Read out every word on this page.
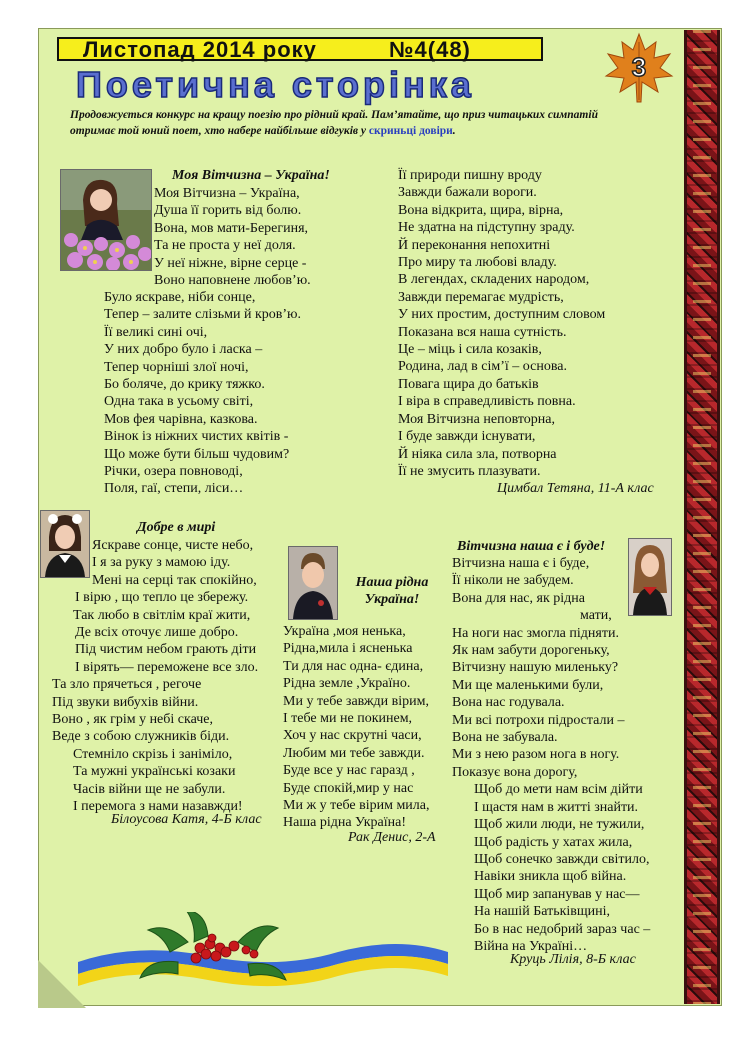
Листопад 2014 року	№4(48)
3
Поетична сторінка
Продовжується конкурс на кращу поезію про рідний край. Пам’ятайте, що приз читацьких симпатій отримає той юний поет, хто набере найбільше відгуків у скриньці довіри.
Моя Вітчизна – Україна!
Моя Вітчизна – Україна,
Душа її горить від болю.
Вона, мов мати-Берегиня,
Та не проста у неї доля.
У неї ніжне, вірне серце -
Воно наповнене любов’ю.
Було яскраве, ніби сонце,
Тепер – залите слізьми й кров’ю.
Її великі сині очі,
У них добро було і ласка –
Тепер чорніші злої ночі,
Бо боляче, до крику тяжко.
Одна така в усьому світі,
Мов фея чарівна, казкова.
Вінок із ніжних чистих квітів -
Що може бути більш чудовим?
Річки, озера повноводі,
Поля, гаї, степи, ліси…
Її природи пишну вроду
Завжди бажали вороги.
Вона відкрита, щира, вірна,
Не здатна на підступну зраду.
Й переконання непохитні
Про миру та любові владу.
В легендах, складених народом,
Завжди перемагає мудрість,
У них простим, доступним словом
Показана вся наша сутність.
Це – міць і сила козаків,
Родина, лад в сім’ї – основа.
Повага щира до батьків
І віра в справедливість повна.
Моя Вітчизна неповторна,
І буде завжди існувати,
Й ніяка сила зла, потворна
Її не змусить плазувати.
Цимбал Тетяна, 11-А клас
Добре в мирі
Яскраве сонце, чисте небо,
І я за руку з мамою іду.
Мені на серці так спокійно,
І вірю , що тепло це збережу.
Так любо в світлім краї жити,
Де всіх оточує лише добро.
Під чистим небом грають діти
І вірять— переможене все зло.
Та зло прячеться , регоче
Під звуки вибухів війни.
Воно , як грім у небі скаче,
Веде з собою служників біди.
Стемніло скрізь і заніміло,
Та мужні українські козаки
Часів війни ще не забули.
І перемога з нами назавжди!
Білоусова Катя, 4-Б клас
Наша рідна
Україна!
Україна ,моя ненька,
Рідна,мила і ясненька
Ти для нас одна- єдина,
Рідна земле ,Україно.
Ми у тебе завжди вірим,
І тебе ми не покинем,
Хоч у нас скрутні часи,
Любим ми тебе завжди.
Буде все у нас гаразд ,
Буде спокій,мир у нас
Ми ж у тебе вірим мила,
Наша рідна Україна!
Рак Денис, 2-А
Вітчизна наша є і буде!
Вітчизна наша є і буде,
Її ніколи не забудем.
Вона для нас, як рідна
мати,
На ноги нас змогла підняти.
Як нам забути дорогеньку,
Вітчизну нашую миленьку?
Ми ще маленькими були,
Вона нас годувала.
Ми всі потрохи підростали –
Вона не забувала.
Ми з нею разом нога в ногу.
Показує вона дорогу,
Щоб до мети нам всім дійти
І щастя нам в житті знайти.
Щоб жили люди, не тужили,
Щоб радість у хатах жила,
Щоб сонечко завжди світило,
Навіки зникла щоб війна.
Щоб мир запанував у нас—
На нашій Батьківщині,
Бо в нас недобрий зараз час –
Війна на Україні…
Круць Лілія, 8-Б клас
